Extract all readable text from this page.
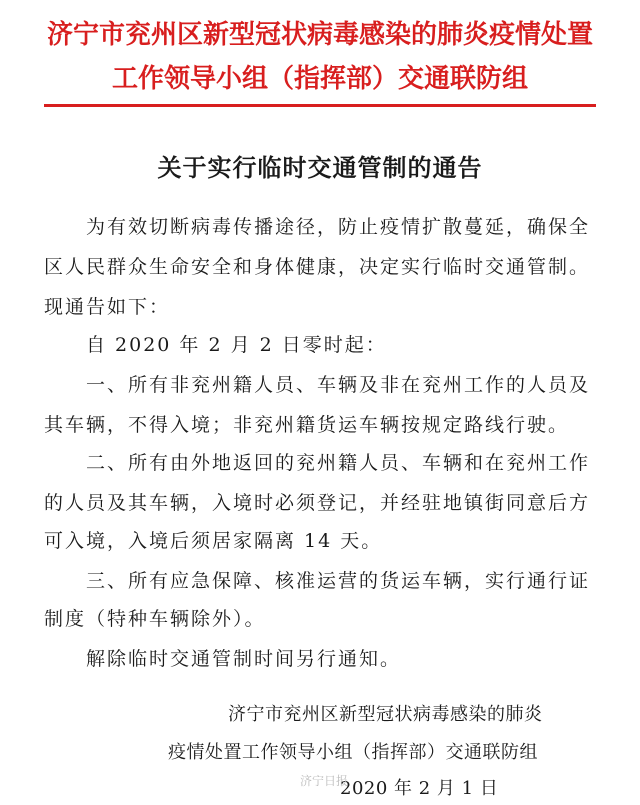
济宁市兖州区新型冠状病毒感染的肺炎疫情处置
工作领导小组（指挥部）交通联防组
关于实行临时交通管制的通告
　　为有效切断病毒传播途径，防止疫情扩散蔓延，确保全
区人民群众生命安全和身体健康，决定实行临时交通管制。
现通告如下：
　　自 2020 年 2 月 2 日零时起：
　　一、所有非兖州籍人员、车辆及非在兖州工作的人员及
其车辆，不得入境；非兖州籍货运车辆按规定路线行驶。
　　二、所有由外地返回的兖州籍人员、车辆和在兖州工作
的人员及其车辆，入境时必须登记，并经驻地镇街同意后方
可入境，入境后须居家隔离 14 天。
　　三、所有应急保障、核准运营的货运车辆，实行通行证
制度（特种车辆除外）。
　　解除临时交通管制时间另行通知。
济宁市兖州区新型冠状病毒感染的肺炎
疫情处置工作领导小组（指挥部）交通联防组
2020 年 2 月 1 日
济宁日报
